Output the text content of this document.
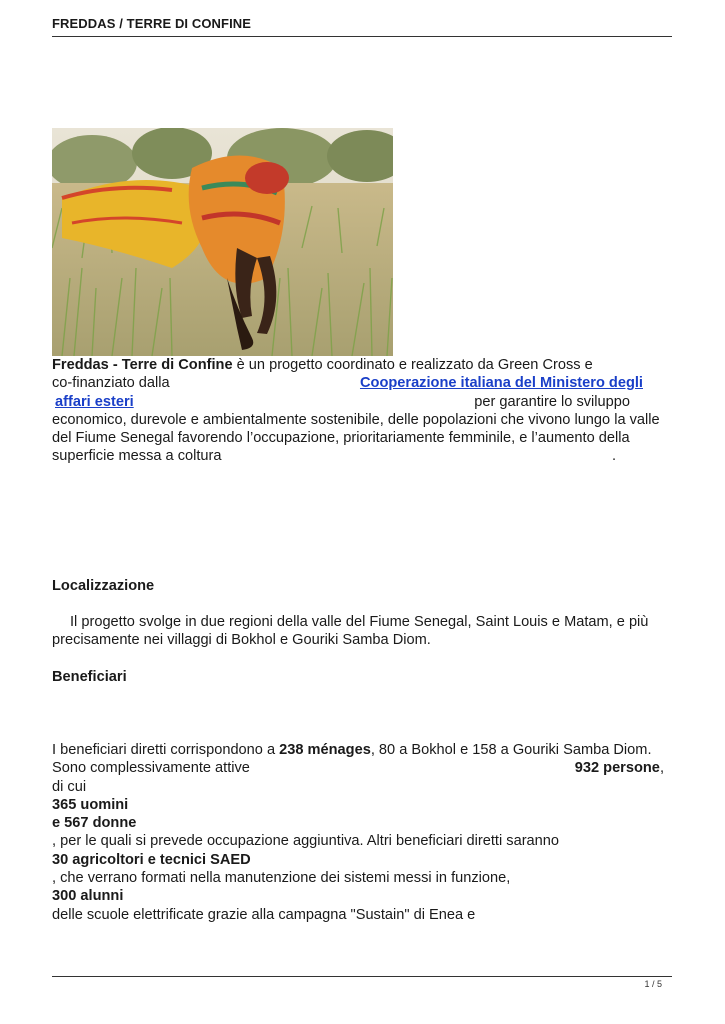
FREDDAS / TERRE DI CONFINE
Freddas - Terre di Confine è un progetto coordinato e realizzato da Green Cross e
co-finanziato dalla	Cooperazione italiana del Ministero degli
affari esteri	per garantire lo sviluppo
economico, durevole e ambientalmente sostenibile, delle popolazioni che vivono lungo la valle
del Fiume Senegal favorendo l’occupazione, prioritariamente femminile, e l’aumento della
superficie messa a coltura	.
Localizzazione
Il progetto svolge in due regioni della valle del Fiume Senegal, Saint Louis e Matam, e più
precisamente nei villaggi di Bokhol e Gouriki Samba Diom.
Beneficiari
I beneficiari diretti corrispondono a 238 ménages, 80 a Bokhol e 158 a Gouriki Samba Diom.
Sono complessivamente attive	932 persone,
di cui
365 uomini
e 567 donne
, per le quali si prevede occupazione aggiuntiva. Altri beneficiari diretti saranno
30 agricoltori e tecnici SAED
, che verrano formati nella manutenzione dei sistemi messi in funzione,
300 alunni
delle scuole elettrificate grazie alla campagna "Sustain" di Enea e
1 / 5
